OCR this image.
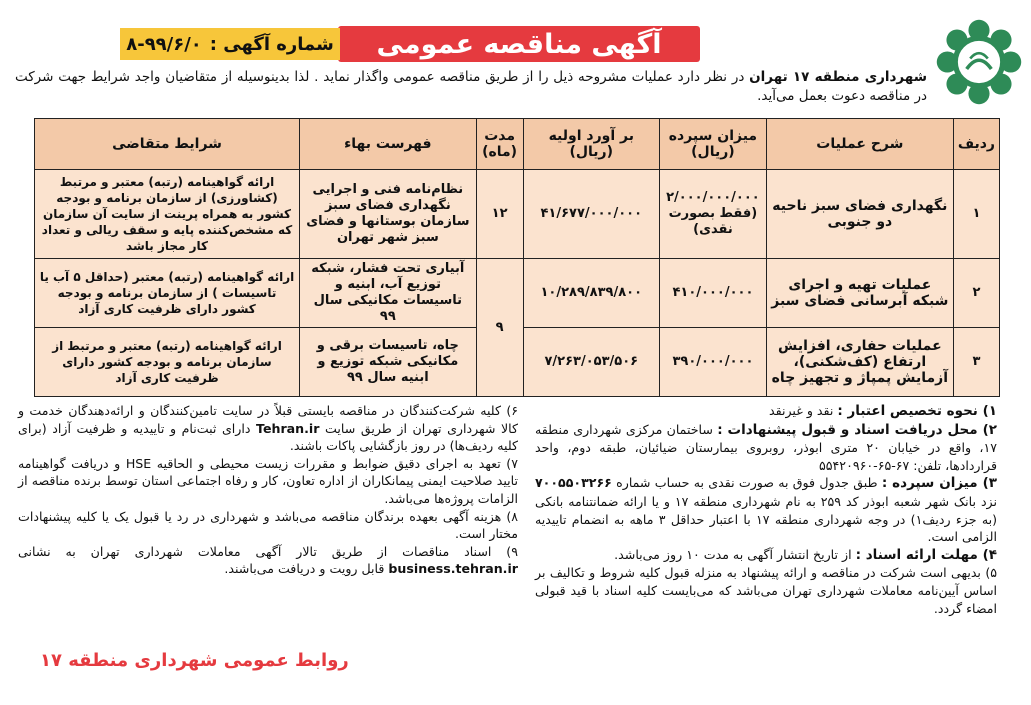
آگهی مناقصه عمومی
شماره آگهی :
۸-۹۹/۶/۰
شهرداری منطقه ۱۷ تهران در نظر دارد عملیات مشروحه ذیل را از طریق مناقصه عمومی واگذار نماید . لذا بدینوسیله از متقاضیان واجد شرایط جهت شرکت در مناقصه دعوت بعمل می‌آید.
ردیف	شرح عملیات	میزان سپرده (ریال)	بر آورد اولیه (ریال)	مدت (ماه)	فهرست بهاء	شرایط متقاضی
۱	نگهداری فضای سبز ناحیه دو جنوبی	۲/۰۰۰/۰۰۰/۰۰۰ (فقط بصورت نقدی)	۴۱/۶۷۷/۰۰۰/۰۰۰	۱۲	نظام‌نامه فنی و اجرایی نگهداری فضای سبز سازمان بوستانها و فضای سبز شهر تهران	ارائه گواهینامه (رتبه) معتبر و مرتبط (کشاورزی) از سازمان برنامه و بودجه کشور به همراه پرینت از سایت آن سازمان که مشخص‌کننده پایه و سقف ریالی و تعداد کار مجاز باشد
۲	عملیات تهیه و اجرای شبکه آبرسانی فضای سبز	۴۱۰/۰۰۰/۰۰۰	۱۰/۲۸۹/۸۳۹/۸۰۰	۹	آبیاری تحت فشار، شبکه توزیع آب، ابنیه و تاسیسات مکانیکی سال ۹۹	ارائه گواهینامه (رتبه) معتبر (حداقل ۵ آب یا تاسیسات ) از سازمان برنامه و بودجه کشور دارای ظرفیت کاری آزاد
۳	عملیات حفاری، افزایش ارتفاع (کف‌شکنی)، آزمایش پمپاژ و تجهیز چاه	۳۹۰/۰۰۰/۰۰۰	۷/۲۶۳/۰۵۳/۵۰۶		چاه، تاسیسات برقی و مکانیکی شبکه توزیع و ابنیه سال ۹۹	ارائه گواهینامه (رتبه) معتبر و مرتبط از سازمان برنامه و بودجه کشور دارای ظرفیت کاری آزاد

۱) نحوه تخصیص اعتبار : نقد و غیرنقد

۲) محل دریافت اسناد و قبول پیشنهادات : ساختمان مرکزی شهرداری منطقه ۱۷، واقع در خیابان ۲۰ متری ابوذر، روبروی بیمارستان ضیائیان، طبقه دوم، واحد قراردادها، تلفن: ۶۷-۶۵-۵۵۴۲۰۹۶۰

۳) میزان سپرده : طبق جدول فوق به صورت نقدی به حساب شماره ۷۰۰۵۵۰۳۲۶۶ نزد بانک شهر شعبه ابوذر کد ۲۵۹ به نام شهرداری منطقه ۱۷ و یا ارائه ضمانتنامه بانکی (به جزء ردیف۱) در وجه شهرداری منطقه ۱۷ با اعتبار حداقل ۳ ماهه به انضمام تاییدیه الزامی است.

۴) مهلت ارائه اسناد : از تاریخ انتشار آگهی به مدت ۱۰ روز می‌باشد.

۵) بدیهی است شرکت در مناقصه و ارائه پیشنهاد به منزله قبول کلیه شروط و تکالیف بر اساس آیین‌نامه معاملات شهرداری تهران می‌باشد که می‌بایست کلیه اسناد با قید قبولی امضاء گردد.

۶) کلیه شرکت‌کنندگان در مناقصه بایستی قبلاً در سایت تامین‌کنندگان و ارائه‌دهندگان خدمت و کالا شهرداری تهران از طریق سایت Tehran.ir دارای ثبت‌نام و تاییدیه و ظرفیت آزاد (برای کلیه ردیف‌ها) در روز بازگشایی پاکات باشند.

۷) تعهد به اجرای دقیق ضوابط و مقررات زیست محیطی و الحاقیه HSE و دریافت گواهینامه تایید صلاحیت ایمنی پیمانکاران از اداره تعاون، کار و رفاه اجتماعی استان توسط برنده مناقصه از الزامات پروژه‌ها می‌باشد.

۸) هزینه آگهی بعهده برندگان مناقصه می‌باشد و شهرداری در رد یا قبول یک یا کلیه پیشنهادات مختار است.

۹) اسناد مناقصات از طریق تالار آگهی معاملات شهرداری تهران به نشانی business.tehran.ir قابل رویت و دریافت می‌باشند.

روابط عمومی شهرداری منطقه ۱۷
